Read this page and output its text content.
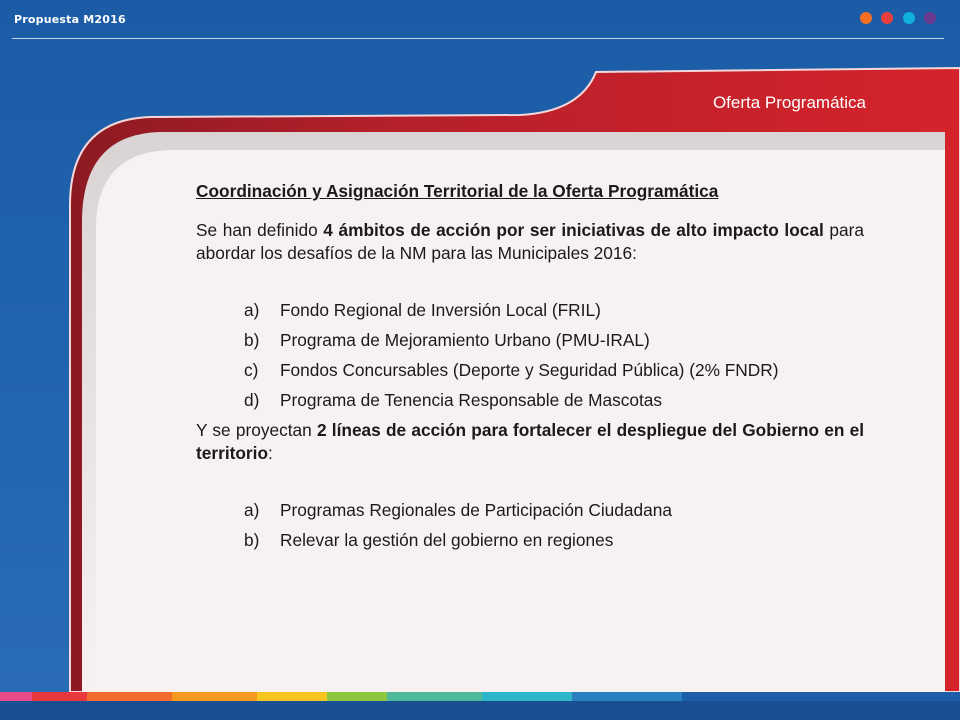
Propuesta M2016
Oferta Programática

Coordinación y Asignación Territorial de la Oferta Programática

Se han definido 4 ámbitos de acción por ser iniciativas de alto impacto local para abordar los desafíos de la NM para las Municipales 2016:

a)	Fondo Regional de Inversión Local (FRIL)
b)	Programa de Mejoramiento Urbano (PMU-IRAL)
c)	Fondos Concursables (Deporte y Seguridad Pública) (2% FNDR)
d)	Programa de Tenencia Responsable de Mascotas

Y se proyectan 2 líneas de acción para fortalecer el despliegue del Gobierno en el territorio:

a)	Programas Regionales de Participación Ciudadana
b)	Relevar la gestión del gobierno en regiones
